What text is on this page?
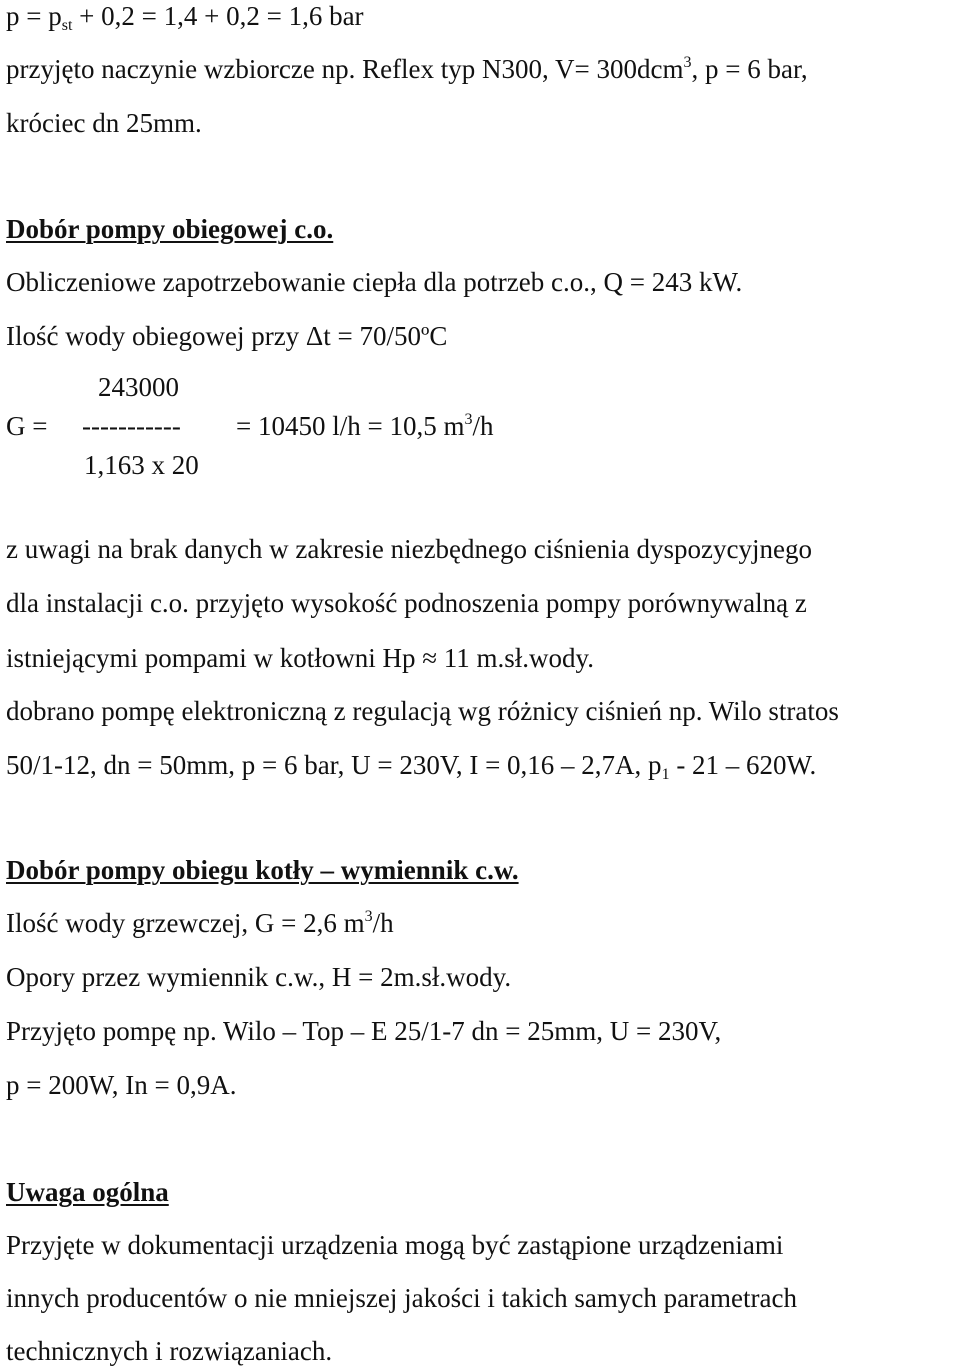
$p = p_{st} + 0,2 = 1,4 + 0,2 = 1,6$ bar
przyjęto naczynie wzbiorcze np. Reflex typ N300, V= 300dcm$^3$, p = 6 bar,
króciec dn 25mm.
Dobór pompy obiegowej c.o.
Obliczeniowe zapotrzebowanie ciepła dla potrzeb c.o., Q = 243 kW.
Ilość wody obiegowej przy Δt = 70/50ºC
243000
G = ----------- = 10450 l/h = 10,5 $m^3/h$
1,163 x 20
z uwagi na brak danych w zakresie niezbędnego ciśnienia dyspozycyjnego
dla instalacji c.o. przyjęto wysokość podnoszenia pompy porównywalną z
istniejącymi pompami w kotłowni Hp ≈ 11 m.sł.wody.
dobrano pompę elektroniczną z regulacją wg różnicy ciśnień np. Wilo stratos
50/1-12, dn = 50mm, p = 6 bar, U = 230V, I = 0,16 – 2,7A, $p_1 - 21 - 620W$.
Dobór pompy obiegu kotły – wymiennik c.w.
Ilość wody grzewczej, G = 2,6 $m^3/h$
Opory przez wymiennik c.w., H = 2m.sł.wody.
Przyjęto pompę np. Wilo – Top – E 25/1-7 dn = 25mm, U = 230V,
p = 200W, In = 0,9A.
Uwaga ogólna
Przyjęte w dokumentacji urządzenia mogą być zastąpione urządzeniami
innych producentów o nie mniejszej jakości i takich samych parametrach
technicznych i rozwiązaniach.
